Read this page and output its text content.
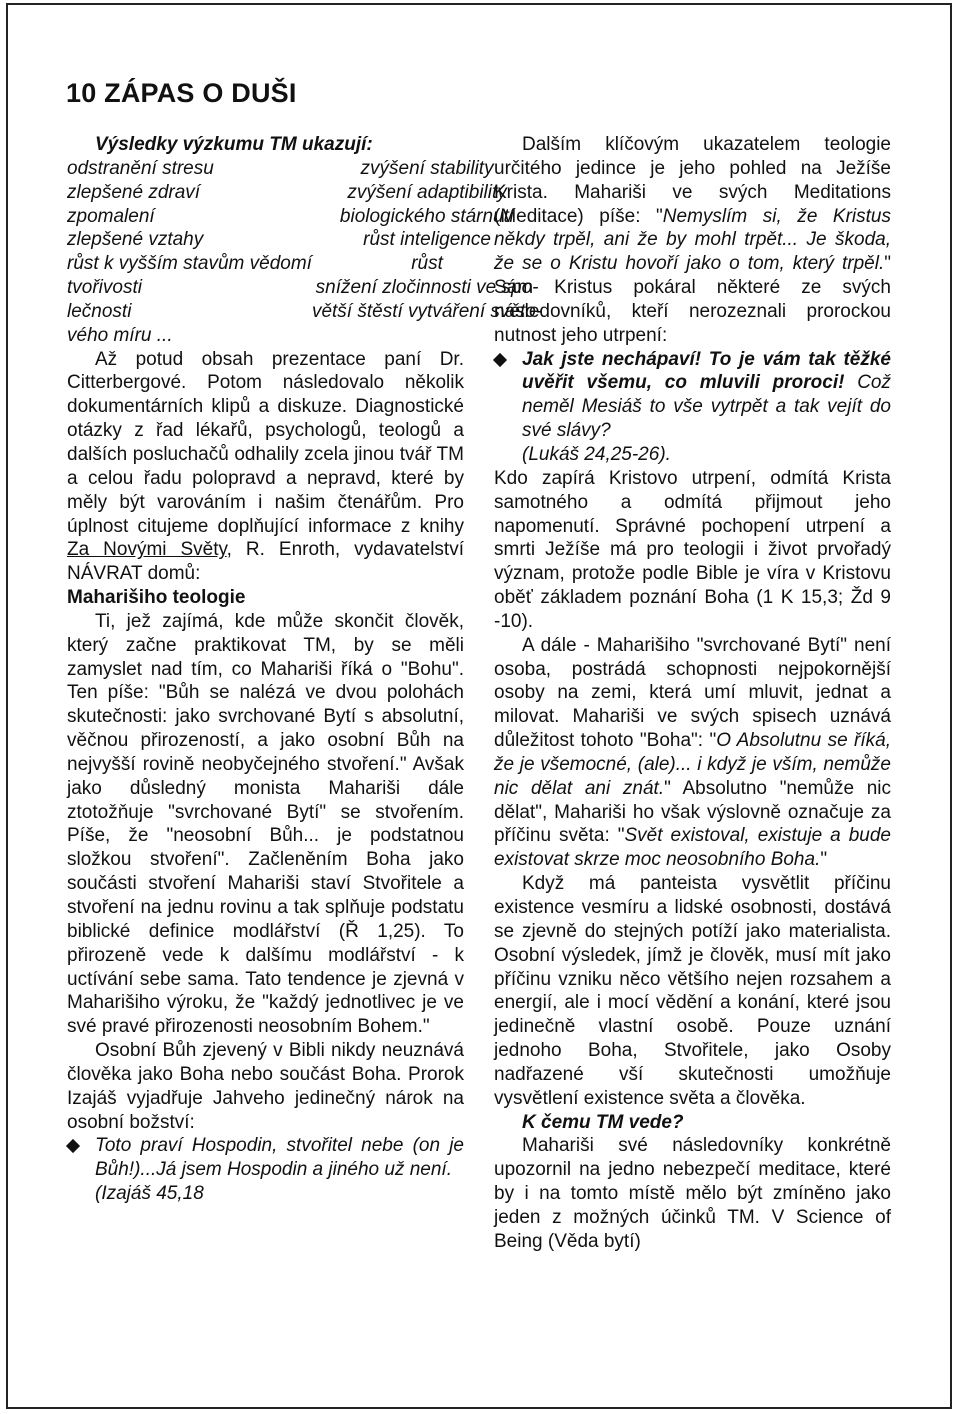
10 ZÁPAS O DUŠI
Výsledky výzkumu TM ukazují:
odstranění stresu	zvýšení stability
zlepšené zdraví	zvýšení adaptibility
zpomalení	biologického stárnutí
zlepšené vztahy	růst inteligence
růst k vyšším stavům vědomí	růst
tvořivosti	snížení zločinnosti ve spo-
lečnosti	větší štěstí vytváření světo-
vého míru ...

Až potud obsah prezentace paní Dr. Citterbergové. Potom následovalo několik dokumentárních klipů a diskuze. Diagnostické otázky z řad lékařů, psychologů, teologů a dalších posluchačů odhalily zcela jinou tvář TM a celou řadu polopravd a nepravd, které by měly být varováním i našim čtenářům. Pro úplnost citujeme doplňující informace z knihy Za Novými Světy, R. Enroth, vydavatelství NÁVRAT domů:

Maharišiho teologie

Ti, jež zajímá, kde může skončit člověk, který začne praktikovat TM, by se měli zamyslet nad tím, co Mahariši říká o "Bohu". Ten píše: "Bůh se nalézá ve dvou polohách skutečnosti: jako svrchované Bytí s absolutní, věčnou přirozeností, a jako osobní Bůh na nejvyšší rovině neobyčejného stvoření." Avšak jako důsledný monista Mahariši dále ztotožňuje "svrchované Bytí" se stvořením. Píše, že "neosobní Bůh... je podstatnou složkou stvoření". Začleněním Boha jako součásti stvoření Mahariši staví Stvořitele a stvoření na jednu rovinu a tak splňuje podstatu biblické definice modlářství (Ř 1,25). To přirozeně vede k dalšímu modlářství - k uctívání sebe sama. Tato tendence je zjevná v Maharišiho výroku, že "každý jednotlivec je ve své pravé přirozenosti neosobním Bohem."

Osobní Bůh zjevený v Bibli nikdy neuznává člověka jako Boha nebo součást Boha. Prorok Izajáš vyjadřuje Jahveho jedinečný nárok na osobní božství:

Toto praví Hospodin, stvořitel nebe (on je Bůh!)...Já jsem Hospodin a jiného už není.

(Izajáš 45,18

Dalším klíčovým ukazatelem teologie určitého jedince je jeho pohled na Ježíše Krista. Mahariši ve svých Meditations (Meditace) píše: "Nemyslím si, že Kristus někdy trpěl, ani že by mohl trpět... Je škoda, že se o Kristu hovoří jako o tom, který trpěl." Sám Kristus pokáral některé ze svých následovníků, kteří nerozeznali prorockou nutnost jeho utrpení:

Jak jste nechápaví! To je vám tak těžké uvěřit všemu, co mluvili proroci! Což neměl Mesiáš to vše vytrpět a tak vejít do své slávy?

(Lukáš 24,25-26).

Kdo zapírá Kristovo utrpení, odmítá Krista samotného a odmítá přijmout jeho napomenutí. Správné pochopení utrpení a smrti Ježíše má pro teologii i život prvořadý význam, protože podle Bible je víra v Kristovu oběť základem poznání Boha (1 K 15,3; Žd 9 -10).

A dále - Maharišiho "svrchované Bytí" není osoba, postrádá schopnosti nejpokornější osoby na zemi, která umí mluvit, jednat a milovat. Mahariši ve svých spisech uznává důležitost tohoto "Boha": "O Absolutnu se říká, že je všemocné, (ale)... i když je vším, nemůže nic dělat ani znát." Absolutno "nemůže nic dělat", Mahariši ho však výslovně označuje za příčinu světa: "Svět existoval, existuje a bude existovat skrze moc neosobního Boha."

Když má panteista vysvětlit příčinu existence vesmíru a lidské osobnosti, dostává se zjevně do stejných potíží jako materialista. Osobní výsledek, jímž je člověk, musí mít jako příčinu vzniku něco většího nejen rozsahem a energií, ale i mocí vědění a konání, které jsou jedinečně vlastní osobě. Pouze uznání jednoho Boha, Stvořitele, jako Osoby nadřazené vší skutečnosti umožňuje vysvětlení existence světa a člověka.

K čemu TM vede?

Mahariši své následovníky konkrétně upozornil na jedno nebezpečí meditace, které by i na tomto místě mělo být zmíněno jako jeden z možných účinků TM. V Science of Being (Věda bytí)
